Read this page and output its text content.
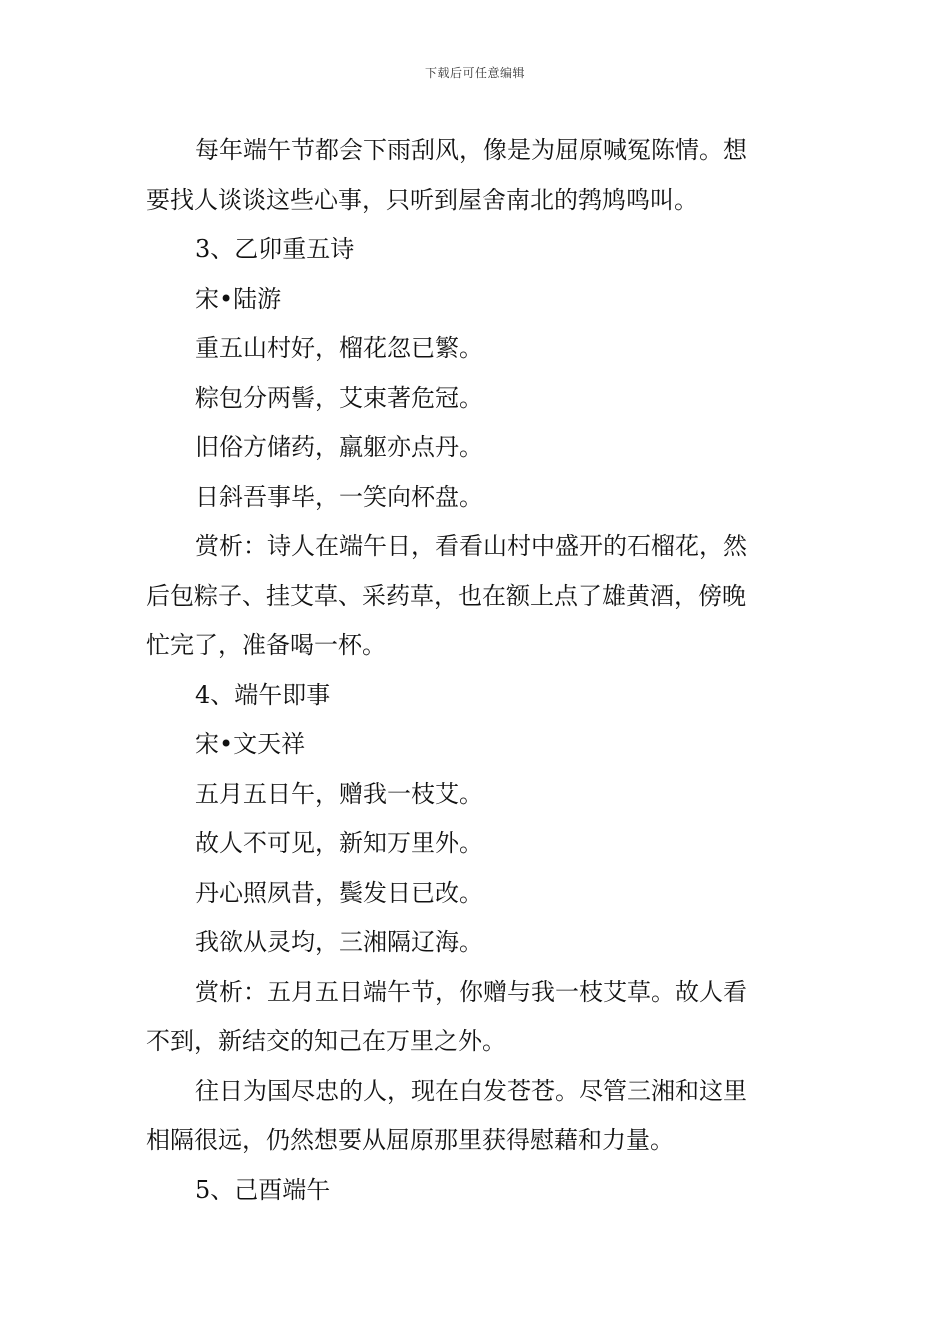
下载后可任意编辑

每年端午节都会下雨刮风，像是为屈原喊冤陈情。想

要找人谈谈这些心事，只听到屋舍南北的鹁鸠鸣叫。

3、乙卯重五诗

宋•陆游

重五山村好，榴花忽已繁。

粽包分两髻，艾束著危冠。

旧俗方储药，羸躯亦点丹。

日斜吾事毕，一笑向杯盘。

赏析：诗人在端午日，看看山村中盛开的石榴花，然

后包粽子、挂艾草、采药草，也在额上点了雄黄酒，傍晚

忙完了，准备喝一杯。

4、端午即事

宋•文天祥

五月五日午，赠我一枝艾。

故人不可见，新知万里外。

丹心照夙昔，鬓发日已改。

我欲从灵均，三湘隔辽海。

赏析：五月五日端午节，你赠与我一枝艾草。故人看

不到，新结交的知己在万里之外。

往日为国尽忠的人，现在白发苍苍。尽管三湘和这里

相隔很远，仍然想要从屈原那里获得慰藉和力量。

5、己酉端午
